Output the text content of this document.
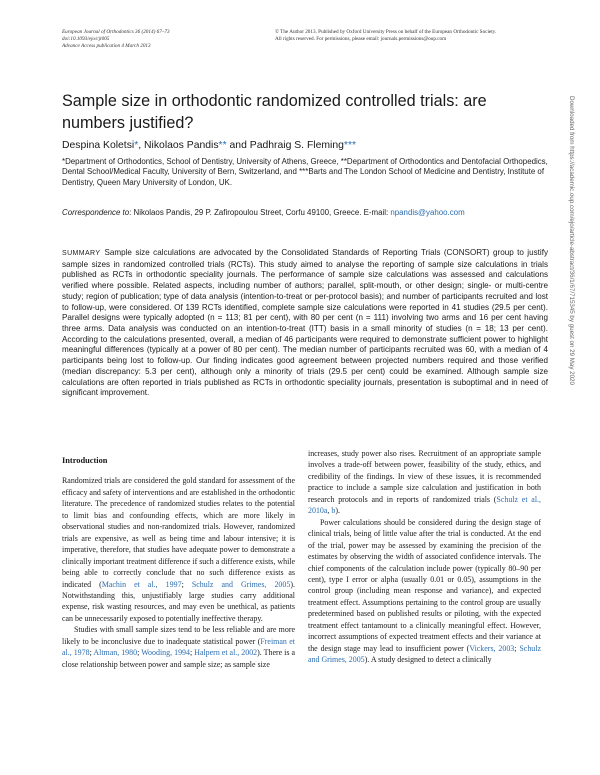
European Journal of Orthodontics 36 (2014) 67–73
doi:10.1093/ejo/cjt005
Advance Access publication 4 March 2013
© The Author 2013. Published by Oxford University Press on behalf of the European Orthodontic Society.
All rights reserved. For permissions, please email: journals.permissions@oup.com
Sample size in orthodontic randomized controlled trials: are numbers justified?
Despina Koletsi*, Nikolaos Pandis** and Padhraig S. Fleming***
*Department of Orthodontics, School of Dentistry, University of Athens, Greece, **Department of Orthodontics and Dentofacial Orthopedics, Dental School/Medical Faculty, University of Bern, Switzerland, and ***Barts and The London School of Medicine and Dentistry, Institute of Dentistry, Queen Mary University of London, UK.
Correspondence to: Nikolaos Pandis, 29 P. Zafiropoulou Street, Corfu 49100, Greece. E-mail: npandis@yahoo.com
SUMMARY Sample size calculations are advocated by the Consolidated Standards of Reporting Trials (CONSORT) group to justify sample sizes in randomized controlled trials (RCTs). This study aimed to analyse the reporting of sample size calculations in trials published as RCTs in orthodontic speciality journals. The performance of sample size calculations was assessed and calculations verified where possible. Related aspects, including number of authors; parallel, split-mouth, or other design; single- or multi-centre study; region of publication; type of data analysis (intention-to-treat or per-protocol basis); and number of participants recruited and lost to follow-up, were considered. Of 139 RCTs identified, complete sample size calculations were reported in 41 studies (29.5 per cent). Parallel designs were typically adopted (n = 113; 81 per cent), with 80 per cent (n = 111) involving two arms and 16 per cent having three arms. Data analysis was conducted on an intention-to-treat (ITT) basis in a small minority of studies (n = 18; 13 per cent). According to the calculations presented, overall, a median of 46 participants were required to demonstrate sufficient power to highlight meaningful differences (typically at a power of 80 per cent). The median number of participants recruited was 60, with a median of 4 participants being lost to follow-up. Our finding indicates good agreement between projected numbers required and those verified (median discrepancy: 5.3 per cent), although only a minority of trials (29.5 per cent) could be examined. Although sample size calculations are often reported in trials published as RCTs in orthodontic speciality journals, presentation is suboptimal and in need of significant improvement.
Downloaded from https://academic.oup.com/ejo/article-abstract/36/1/67/715345 by guest on 29 May 2020
Introduction

Randomized trials are considered the gold standard for assessment of the efficacy and safety of interventions and are established in the orthodontic literature. The precedence of randomized studies relates to the potential to limit bias and confounding effects, which are more likely in observational studies and non-randomized trials. However, randomized trials are expensive, as well as being time and labour intensive; it is imperative, therefore, that studies have adequate power to demonstrate a clinically important treatment difference if such a difference exists, while being able to correctly conclude that no such difference exists as indicated (Machin et al., 1997; Schulz and Grimes, 2005). Notwithstanding this, unjustifiably large studies carry additional expense, risk wasting resources, and may even be unethical, as patients can be unnecessarily exposed to potentially ineffective therapy.

Studies with small sample sizes tend to be less reliable and are more likely to be inconclusive due to inadequate statistical power (Freiman et al., 1978; Altman, 1980; Wooding, 1994; Halpern et al., 2002). There is a close relationship between power and sample size; as sample size

increases, study power also rises. Recruitment of an appropriate sample involves a trade-off between power, feasibility of the study, ethics, and credibility of the findings. In view of these issues, it is recommended practice to include a sample size calculation and justification in both research protocols and in reports of randomized trials (Schulz et al., 2010a, b).

Power calculations should be considered during the design stage of clinical trials, being of little value after the trial is conducted. At the end of the trial, power may be assessed by examining the precision of the estimates by observing the width of associated confidence intervals. The chief components of the calculation include power (typically 80–90 per cent), type I error or alpha (usually 0.01 or 0.05), assumptions in the control group (including mean response and variance), and expected treatment effect. Assumptions pertaining to the control group are usually predetermined based on published results or piloting, with the expected treatment effect tantamount to a clinically meaningful effect. However, incorrect assumptions of expected treatment effects and their variance at the design stage may lead to insufficient power (Vickers, 2003; Schulz and Grimes, 2005). A study designed to detect a clinically
